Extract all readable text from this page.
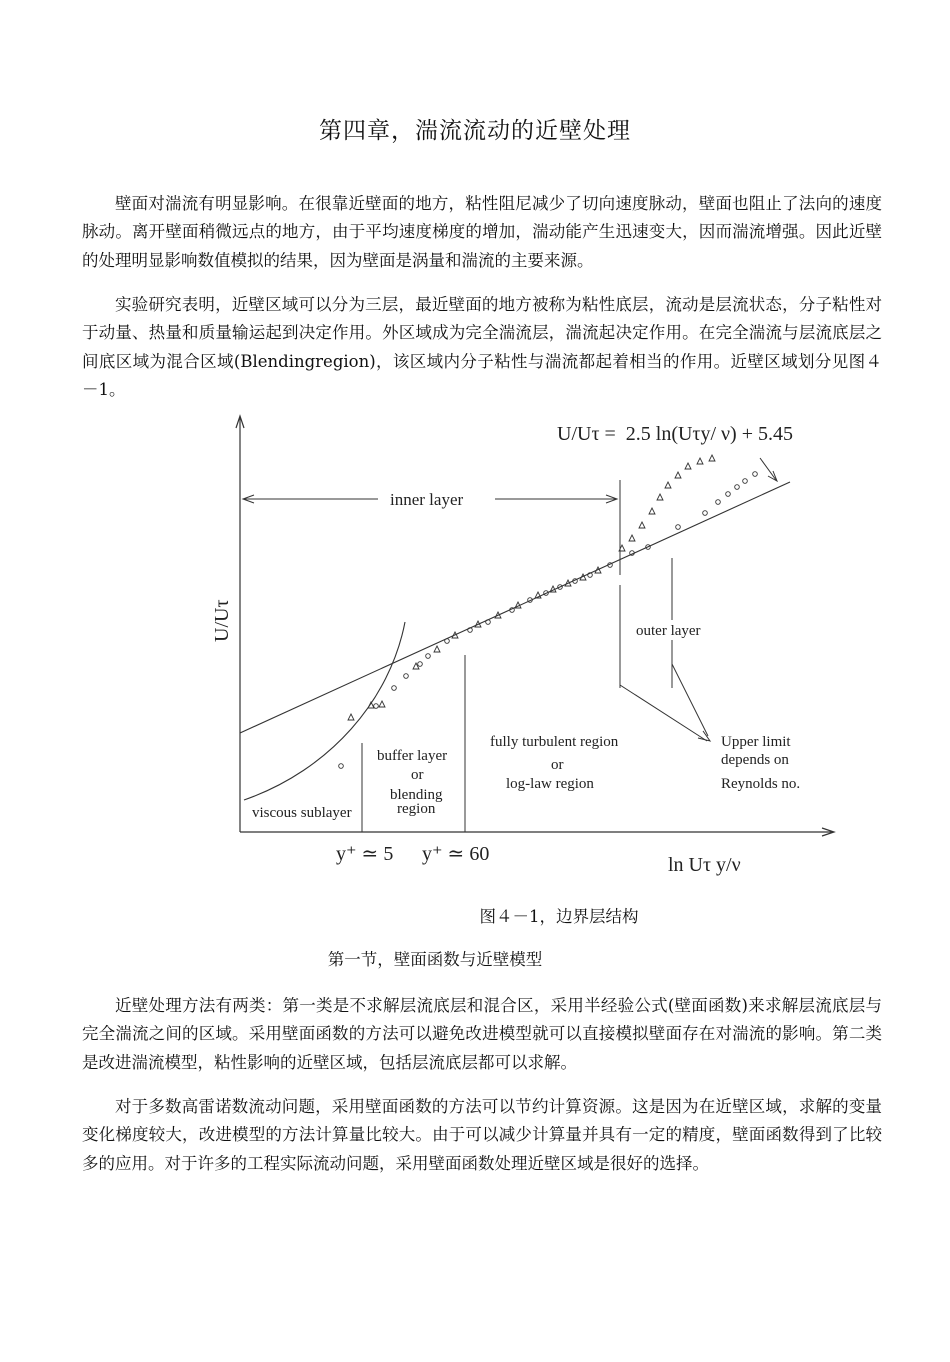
第四章，湍流流动的近壁处理

壁面对湍流有明显影响。在很靠近壁面的地方，粘性阻尼减少了切向速度脉动，壁面也阻止了法向的速度脉动。离开壁面稍微远点的地方，由于平均速度梯度的增加，湍动能产生迅速变大，因而湍流增强。因此近壁的处理明显影响数值模拟的结果，因为壁面是涡量和湍流的主要来源。

实验研究表明，近壁区域可以分为三层，最近壁面的地方被称为粘性底层，流动是层流状态，分子粘性对于动量、热量和质量输运起到决定作用。外区域成为完全湍流层，湍流起决定作用。在完全湍流与层流底层之间底区域为混合区域(Blendingregion)，该区域内分子粘性与湍流都起着相当的作用。近壁区域划分见图４－1。

U/Uτ
inner layer
U/Uτ =  2.5 ln(Uτy/ ν) + 5.45
outer layer
viscous sublayer
buffer layer
or
blending
region
fully turbulent region
or
log-law region
Upper limit
depends on
Reynolds no.
y⁺ ≃ 5 y⁺ ≃ 60	ln Uτ y/ν
图４－1，边界层结构
第一节，壁面函数与近壁模型

近壁处理方法有两类：第一类是不求解层流底层和混合区，采用半经验公式(壁面函数)来求解层流底层与完全湍流之间的区域。采用壁面函数的方法可以避免改进模型就可以直接模拟壁面存在对湍流的影响。第二类是改进湍流模型，粘性影响的近壁区域，包括层流底层都可以求解。

对于多数高雷诺数流动问题，采用壁面函数的方法可以节约计算资源。这是因为在近壁区域，求解的变量变化梯度较大，改进模型的方法计算量比较大。由于可以减少计算量并具有一定的精度，壁面函数得到了比较多的应用。对于许多的工程实际流动问题，采用壁面函数处理近壁区域是很好的选择。
